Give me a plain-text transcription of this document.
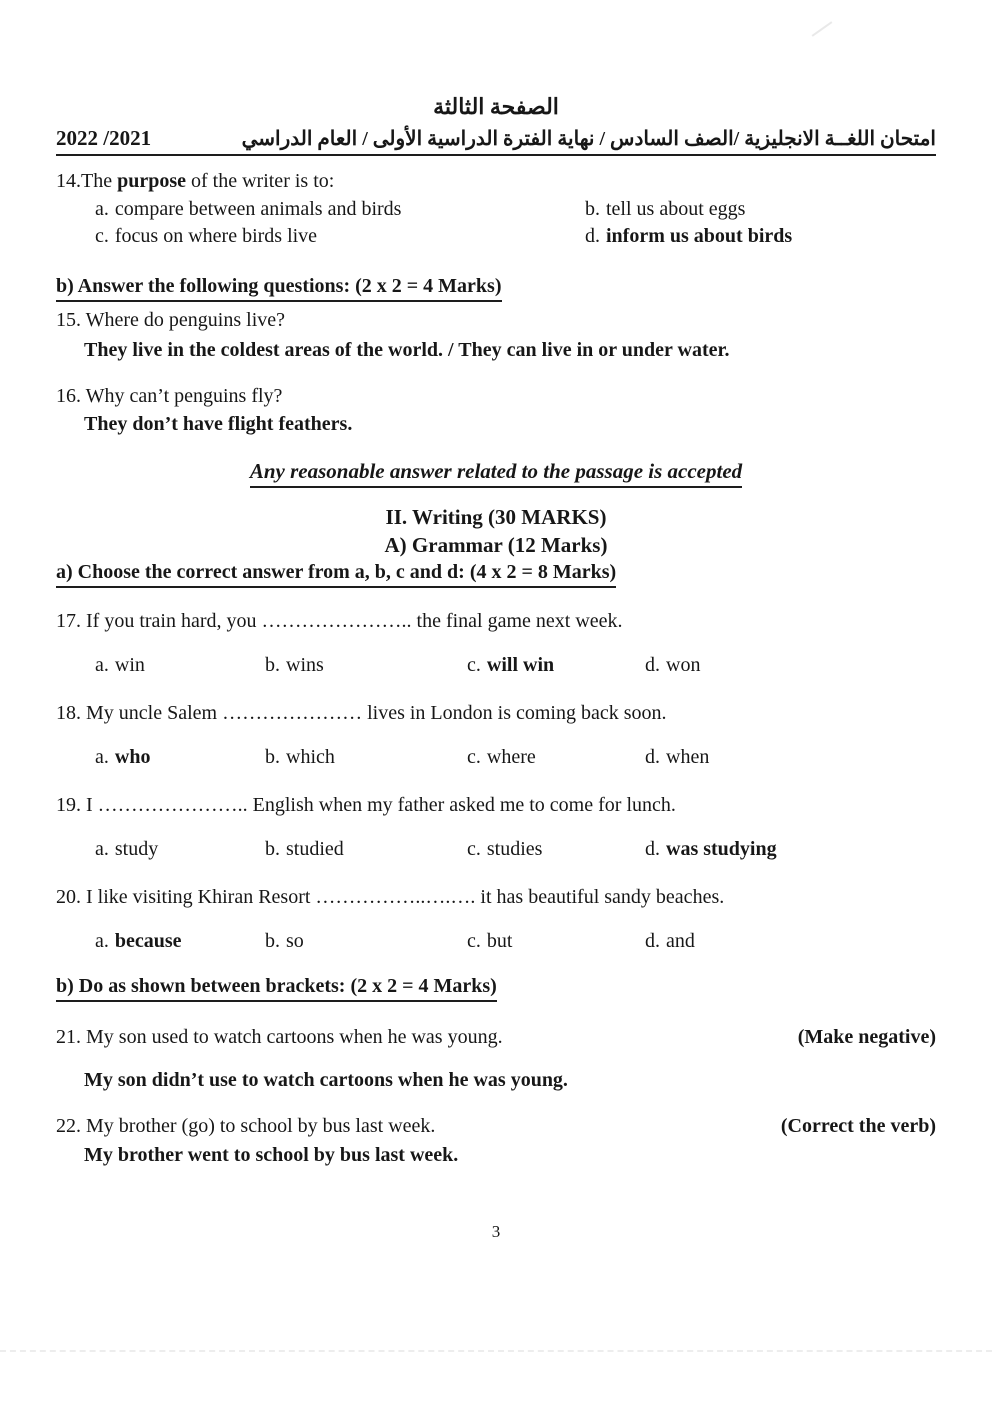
الصفحة الثالثة
امتحان اللغــة الانجليزية /الصف السادس / نهاية الفترة الدراسية الأولى / العام الدراسي
2022 /2021

14.The purpose of the writer is to:

a. compare between animals and birds	b. tell us about eggs
c. focus on where birds live	d. inform us about birds

b) Answer the following questions: (2 x 2 = 4 Marks)

15. Where do penguins live?

They live in the coldest areas of the world. / They can live in or under water.

16. Why can’t penguins fly?

They don’t have flight feathers.

Any reasonable answer related to the passage is accepted

II. Writing (30 MARKS)

A) Grammar (12 Marks)

a) Choose the correct answer from a, b, c and d: (4 x 2 = 8 Marks)

17. If you train hard, you ………………….. the final game next week.

a. win	b. wins	c. will win	d. won

18. My uncle Salem ………………… lives in London is coming back soon.

a. who	b. which	c. where	d. when

19. I ………………….. English when my father asked me to come for lunch.

a. study	b. studied	c. studies	d. was studying

20. I like visiting Khiran Resort ……………..….…. it has beautiful sandy beaches.

a. because	b. so	c. but	d. and

b) Do as shown between brackets: (2 x 2 = 4 Marks)

21. My son used to watch cartoons when he was young.	(Make negative)

My son didn’t use to watch cartoons when he was young.

22. My brother (go) to school by bus last week.	(Correct the verb)

My brother went to school by bus last week.

3
